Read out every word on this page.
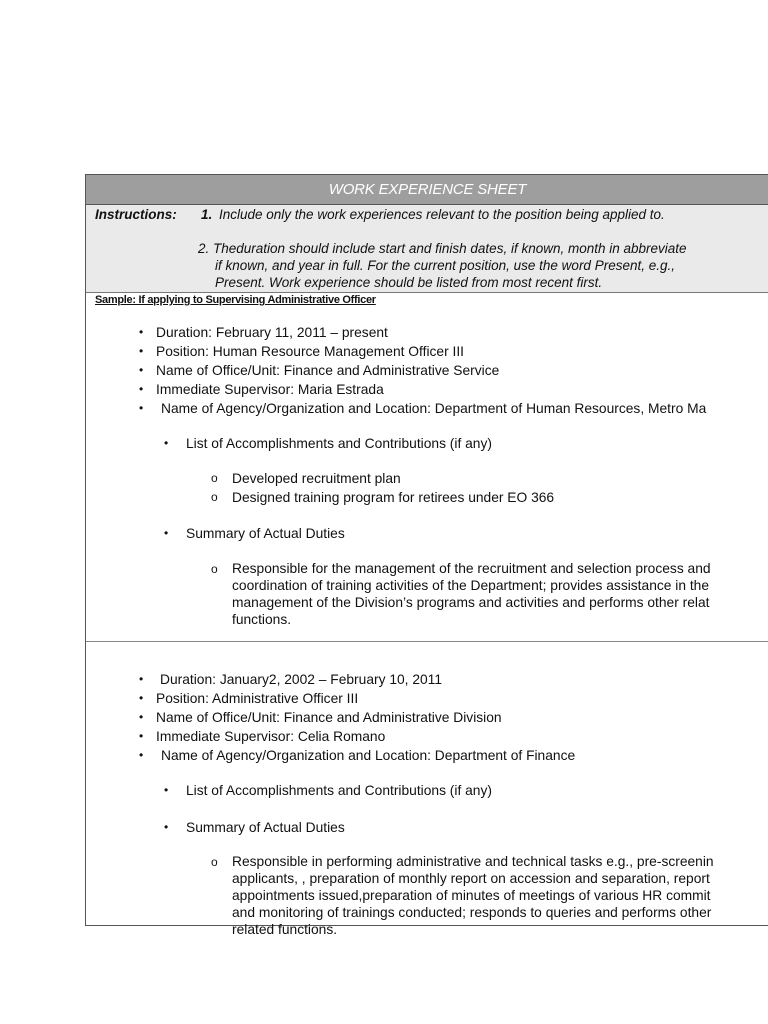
WORK EXPERIENCE SHEET
Instructions: 1. Include only the work experiences relevant to the position being applied to.
2. Theduration should include start and finish dates, if known, month in abbreviate
if known, and year in full. For the current position, use the word Present, e.g.,
Present. Work experience should be listed from most recent first.
Sample: If applying to Supervising Administrative Officer
• Duration: February 11, 2011 – present
• Position: Human Resource Management Officer III
• Name of Office/Unit: Finance and Administrative Service
• Immediate Supervisor: Maria Estrada
• Name of Agency/Organization and Location: Department of Human Resources, Metro Ma
• List of Accomplishments and Contributions (if any)
o Developed recruitment plan
o Designed training program for retirees under EO 366
• Summary of Actual Duties
o Responsible for the management of the recruitment and selection process and
coordination of training activities of the Department; provides assistance in the
management of the Division’s programs and activities and performs other relat
functions.
• Duration: January2, 2002 – February 10, 2011
• Position: Administrative Officer III
• Name of Office/Unit: Finance and Administrative Division
• Immediate Supervisor: Celia Romano
• Name of Agency/Organization and Location: Department of Finance
• List of Accomplishments and Contributions (if any)
• Summary of Actual Duties
o Responsible in performing administrative and technical tasks e.g., pre-screenin
applicants, , preparation of monthly report on accession and separation, report
appointments issued,preparation of minutes of meetings of various HR commit
and monitoring of trainings conducted; responds to queries and performs other
related functions.
